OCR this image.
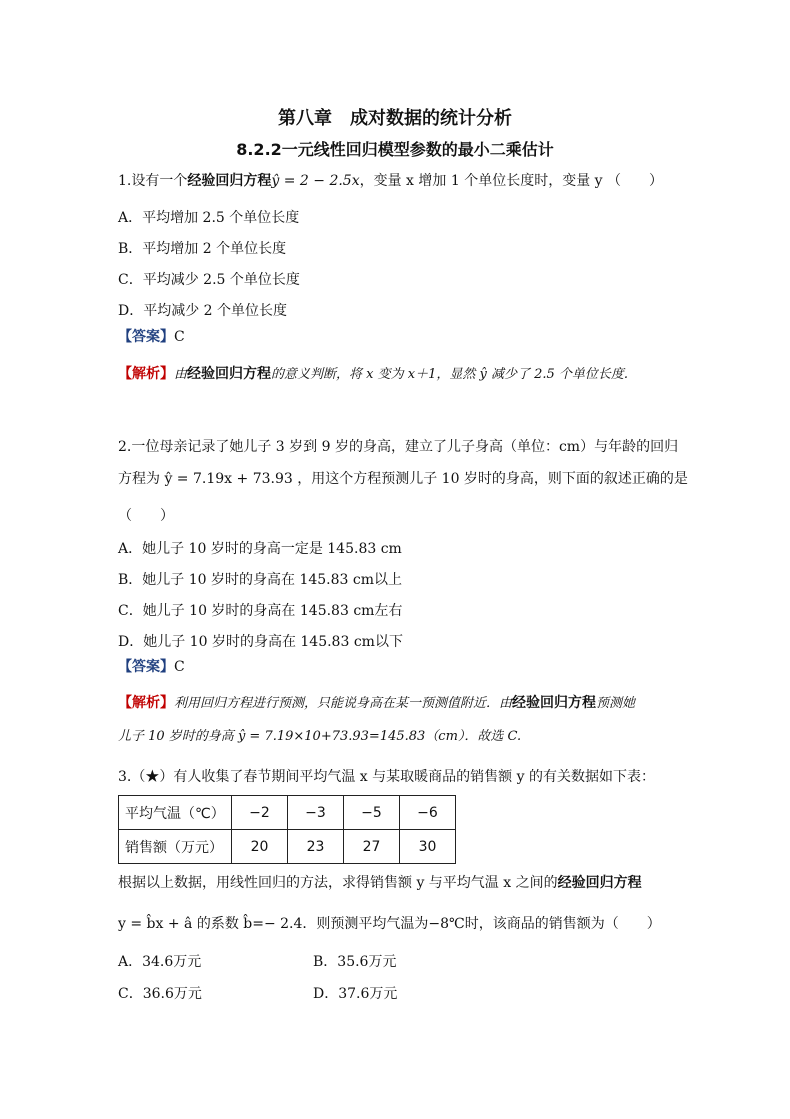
第八章　成对数据的统计分析
8.2.2一元线性回归模型参数的最小二乘估计
1.设有一个经验回归方程ŷ = 2 − 2.5x，变量 x 增加 1 个单位长度时，变量 y （　　）
A．平均增加 2.5 个单位长度
B．平均增加 2 个单位长度
C．平均减少 2.5 个单位长度
D．平均减少 2 个单位长度
【答案】C
【解析】由经验回归方程的意义判断，将 x 变为 x＋1，显然 ŷ 减少了 2.5 个单位长度.
2.一位母亲记录了她儿子 3 岁到 9 岁的身高，建立了儿子身高（单位：cm）与年龄的回归
方程为 ŷ = 7.19x + 73.93 ，用这个方程预测儿子 10 岁时的身高，则下面的叙述正确的是
（　　）
A．她儿子 10 岁时的身高一定是 145.83 cm
B．她儿子 10 岁时的身高在 145.83 cm以上
C．她儿子 10 岁时的身高在 145.83 cm左右
D．她儿子 10 岁时的身高在 145.83 cm以下
【答案】C
【解析】利用回归方程进行预测，只能说身高在某一预测值附近．由经验回归方程预测她
儿子 10 岁时的身高 ŷ = 7.19×10+73.93=145.83（cm）．故选 C.
3.（★）有人收集了春节期间平均气温 x 与某取暖商品的销售额 y 的有关数据如下表：
平均气温（℃）	−2	−3	−5	−6
销售额（万元）	20	23	27	30
根据以上数据，用线性回归的方法，求得销售额 y 与平均气温 x 之间的经验回归方程
y = b̂x + â 的系数 b̂=− 2.4．则预测平均气温为−8℃时，该商品的销售额为（　　）
A．34.6万元	B．35.6万元
C．36.6万元	D．37.6万元
